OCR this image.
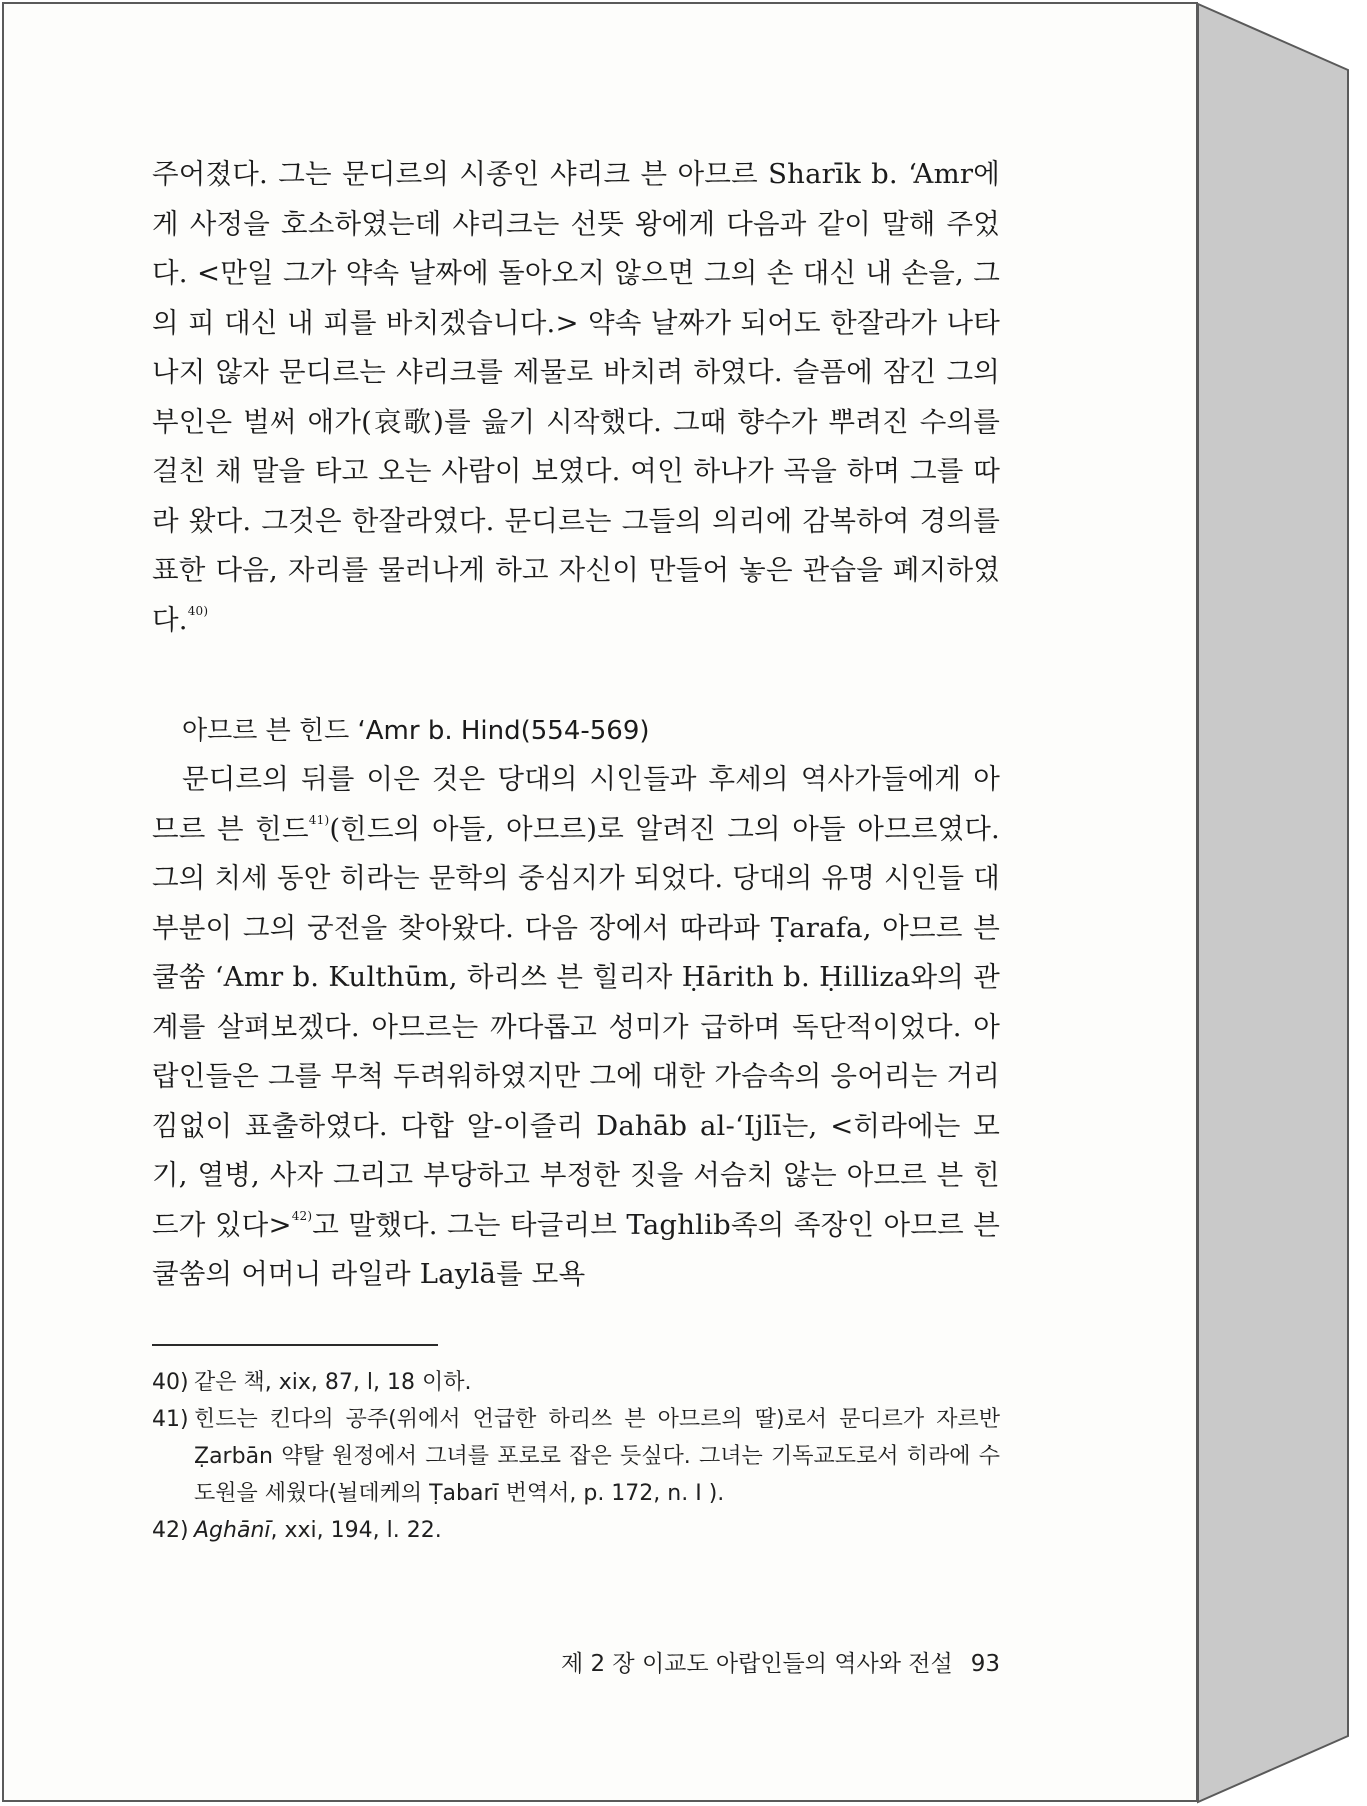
주어졌다. 그는 문디르의 시종인 샤리크 븐 아므르 Sharīk b. ‘Amr에게 사정을 호소하였는데 샤리크는 선뜻 왕에게 다음과 같이 말해 주었다. <만일 그가 약속 날짜에 돌아오지 않으면 그의 손 대신 내 손을, 그의 피 대신 내 피를 바치겠습니다.> 약속 날짜가 되어도 한잘라가 나타나지 않자 문디르는 샤리크를 제물로 바치려 하였다. 슬픔에 잠긴 그의 부인은 벌써 애가(哀歌)를 읊기 시작했다. 그때 향수가 뿌려진 수의를 걸친 채 말을 타고 오는 사람이 보였다. 여인 하나가 곡을 하며 그를 따라 왔다. 그것은 한잘라였다. 문디르는 그들의 의리에 감복하여 경의를 표한 다음, 자리를 물러나게 하고 자신이 만들어 놓은 관습을 폐지하였다.$^{40)}$

아므르 븐 힌드 ‘Amr b. Hind(554-569)

문디르의 뒤를 이은 것은 당대의 시인들과 후세의 역사가들에게 아므르 븐 힌드$^{41)}$(힌드의 아들, 아므르)로 알려진 그의 아들 아므르였다. 그의 치세 동안 히라는 문학의 중심지가 되었다. 당대의 유명 시인들 대부분이 그의 궁전을 찾아왔다. 다음 장에서 따라파 Ṭarafa, 아므르 븐 쿨쑴 ‘Amr b. Kulthūm, 하리쓰 븐 힐리자 Ḥārith b. Ḥilliza와의 관계를 살펴보겠다. 아므르는 까다롭고 성미가 급하며 독단적이었다. 아랍인들은 그를 무척 두려워하였지만 그에 대한 가슴속의 응어리는 거리낌없이 표출하였다. 다합 알-이즐리 Dahāb al-‘Ijlī는, <히라에는 모기, 열병, 사자 그리고 부당하고 부정한 짓을 서슴치 않는 아므르 븐 힌드가 있다>$^{42)}$고 말했다. 그는 타글리브 Taghlib족의 족장인 아므르 븐 쿨쑴의 어머니 라일라 Laylā를 모욕

40) 같은 책, xix, 87, l, 18 이하.
41) 힌드는 킨다의 공주(위에서 언급한 하리쓰 븐 아므르의 딸)로서 문디르가 자르반 Ẓarbān 약탈 원정에서 그녀를 포로로 잡은 듯싶다. 그녀는 기독교도로서 히라에 수도원을 세웠다(뇔데케의 Ṭabarī 번역서, p. 172, n. I ).
42) Aghānī, xxi, 194, l. 22.
제 2 장 이교도 아랍인들의 역사와 전설 93
